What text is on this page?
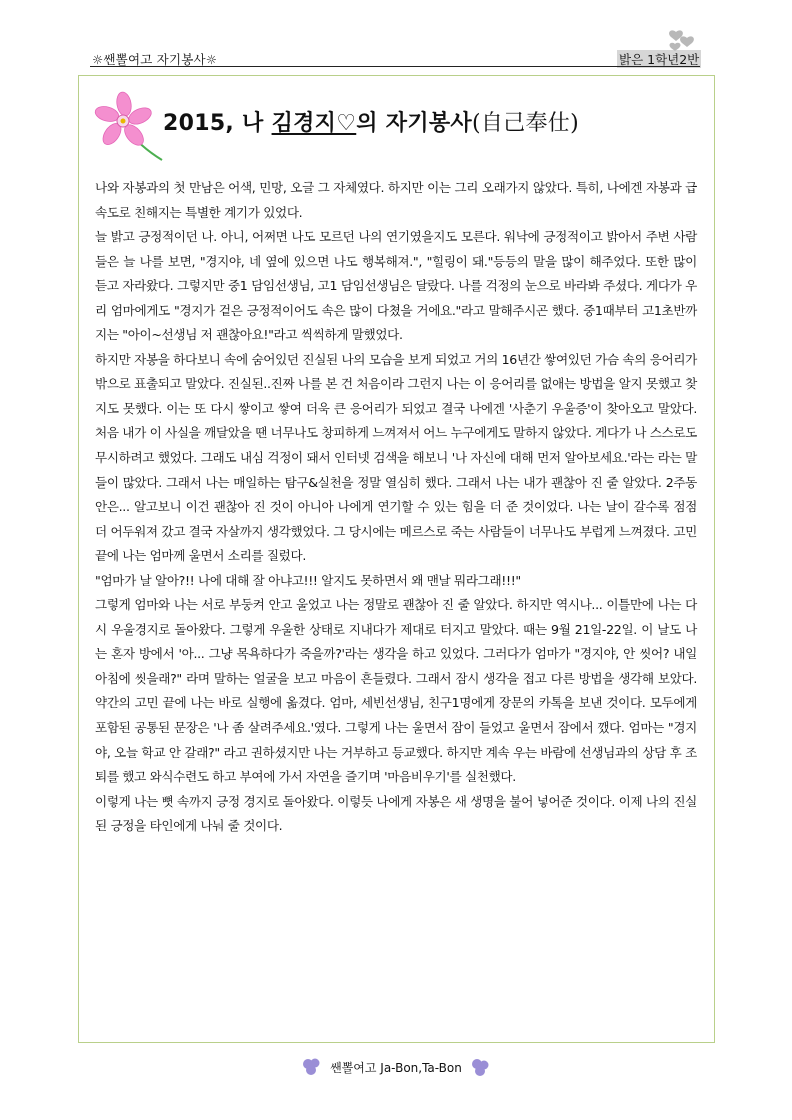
☼쌘뽈여고 자기봉사☼	밝은 1학년2반
2015, 나 김경지♡의 자기봉사(自己奉仕)

나와 자봉과의 첫 만남은 어색, 민망, 오글 그 자체였다. 하지만 이는 그리 오래가지 않았다. 특히, 나에겐 자봉과 급속도로 친해지는 특별한 계기가 있었다.

늘 밝고 긍정적이던 나. 아니, 어쩌면 나도 모르던 나의 연기였을지도 모른다. 워낙에 긍정적이고 밝아서 주변 사람들은 늘 나를 보면, "경지야, 네 옆에 있으면 나도 행복해져.", "힐링이 돼."등등의 말을 많이 해주었다. 또한 많이 듣고 자라왔다. 그렇지만 중1 담임선생님, 고1 담임선생님은 달랐다. 나를 걱정의 눈으로 바라봐 주셨다. 게다가 우리 엄마에게도 "경지가 겉은 긍정적이어도 속은 많이 다쳤을 거에요."라고 말해주시곤 했다. 중1때부터 고1초반까지는 "아이~선생님 저 괜찮아요!"라고 씩씩하게 말했었다.

하지만 자봉을 하다보니 속에 숨어있던 진실된 나의 모습을 보게 되었고 거의 16년간 쌓여있던 가슴 속의 응어리가 밖으로 표출되고 말았다. 진실된..진짜 나를 본 건 처음이라 그런지 나는 이 응어리를 없애는 방법을 알지 못했고 찾지도 못했다. 이는 또 다시 쌓이고 쌓여 더욱 큰 응어리가 되었고 결국 나에겐 '사춘기 우울증'이 찾아오고 말았다. 처음 내가 이 사실을 깨달았을 땐 너무나도 창피하게 느껴져서 어느 누구에게도 말하지 않았다. 게다가 나 스스로도 무시하려고 했었다. 그래도 내심 걱정이 돼서 인터넷 검색을 해보니 '나 자신에 대해 먼저 알아보세요.'라는 라는 말들이 많았다. 그래서 나는 매일하는 탐구&실천을 정말 열심히 했다. 그래서 나는 내가 괜찮아 진 줄 알았다. 2주동안은... 알고보니 이건 괜찮아 진 것이 아니아 나에게 연기할 수 있는 힘을 더 준 것이었다. 나는 날이 갈수록 점점 더 어두워져 갔고 결국 자살까지 생각했었다. 그 당시에는 메르스로 죽는 사람들이 너무나도 부럽게 느껴졌다. 고민 끝에 나는 엄마께 울면서 소리를 질렀다.

"엄마가 날 알아?!! 나에 대해 잘 아냐고!!! 알지도 못하면서 왜 맨날 뭐라그래!!!"

그렇게 엄마와 나는 서로 부둥켜 안고 울었고 나는 정말로 괜찮아 진 줄 알았다. 하지만 역시나... 이틀만에 나는 다시 우울경지로 돌아왔다. 그렇게 우울한 상태로 지내다가 제대로 터지고 말았다. 때는 9월 21일-22일. 이 날도 나는 혼자 방에서 '아... 그냥 목욕하다가 죽을까?'라는 생각을 하고 있었다. 그러다가 엄마가 "경지야, 안 씻어? 내일 아침에 씻을래?" 라며 말하는 얼굴을 보고 마음이 흔들렸다. 그래서 잠시 생각을 접고 다른 방법을 생각해 보았다. 약간의 고민 끝에 나는 바로 실행에 옮겼다. 엄마, 세빈선생님, 친구1명에게 장문의 카톡을 보낸 것이다. 모두에게 포함된 공통된 문장은 '나 좀 살려주세요.'였다. 그렇게 나는 울면서 잠이 들었고 울면서 잠에서 깼다. 엄마는 "경지야, 오늘 학교 안 갈래?" 라고 권하셨지만 나는 거부하고 등교했다. 하지만 계속 우는 바람에 선생님과의 상담 후 조퇴를 했고 와식수련도 하고 부여에 가서 자연을 즐기며 '마음비우기'를 실천했다.

이렇게 나는 뼛 속까지 긍정 경지로 돌아왔다. 이렇듯 나에게 자봉은 새 생명을 불어 넣어준 것이다. 이제 나의 진실된 긍정을 타인에게 나눠 줄 것이다.

쌘뽈여고 Ja-Bon,Ta-Bon
